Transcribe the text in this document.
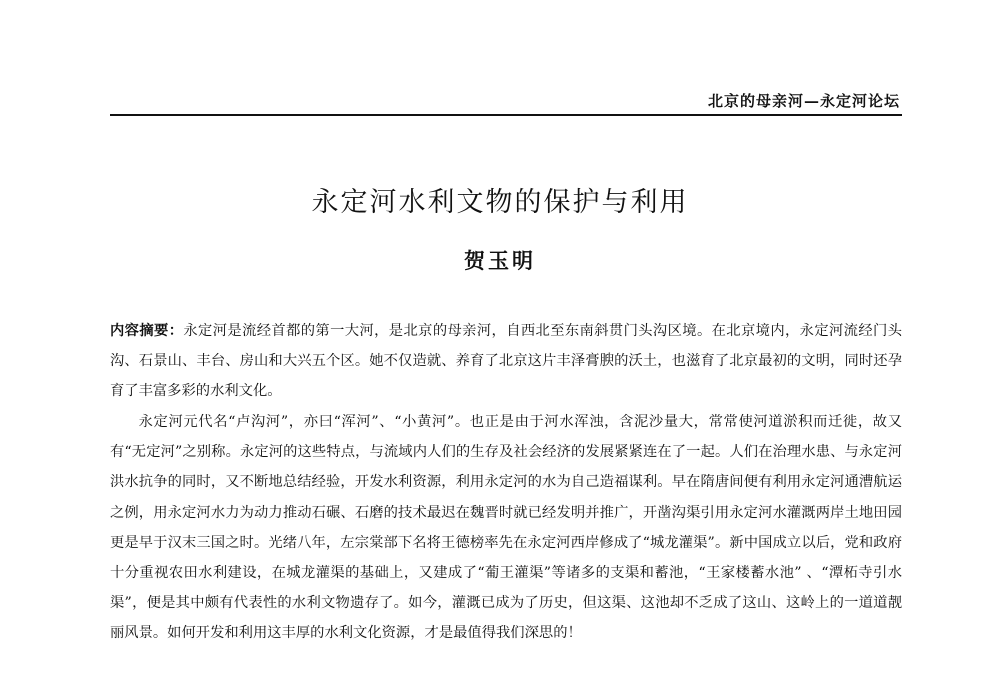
北京的母亲河—永定河论坛
永定河水利文物的保护与利用
贺玉明
内容摘要：永定河是流经首都的第一大河，是北京的母亲河，自西北至东南斜贯门头沟区境。在北京境内，永定河流经门头沟、石景山、丰台、房山和大兴五个区。她不仅造就、养育了北京这片丰泽膏腴的沃土，也滋育了北京最初的文明，同时还孕育了丰富多彩的水利文化。
永定河元代名“卢沟河”，亦曰“浑河”、“小黄河”。也正是由于河水浑浊，含泥沙量大，常常使河道淤积而迁徙，故又有“无定河”之别称。永定河的这些特点，与流域内人们的生存及社会经济的发展紧紧连在了一起。人们在治理水患、与永定河洪水抗争的同时，又不断地总结经验，开发水利资源，利用永定河的水为自己造福谋利。早在隋唐间便有利用永定河通漕航运之例，用永定河水力为动力推动石碾、石磨的技术最迟在魏晋时就已经发明并推广，开凿沟渠引用永定河水灌溉两岸土地田园更是早于汉末三国之时。光绪八年，左宗棠部下名将王德榜率先在永定河西岸修成了“城龙灌渠”。新中国成立以后，党和政府十分重视农田水利建设，在城龙灌渠的基础上，又建成了“葡王灌渠”等诸多的支渠和蓄池，“王家楼蓄水池” 、“潭柘寺引水渠”，便是其中颇有代表性的水利文物遗存了。如今，灌溉已成为了历史，但这渠、这池却不乏成了这山、这岭上的一道道靓丽风景。如何开发和利用这丰厚的水利文化资源，才是最值得我们深思的！
